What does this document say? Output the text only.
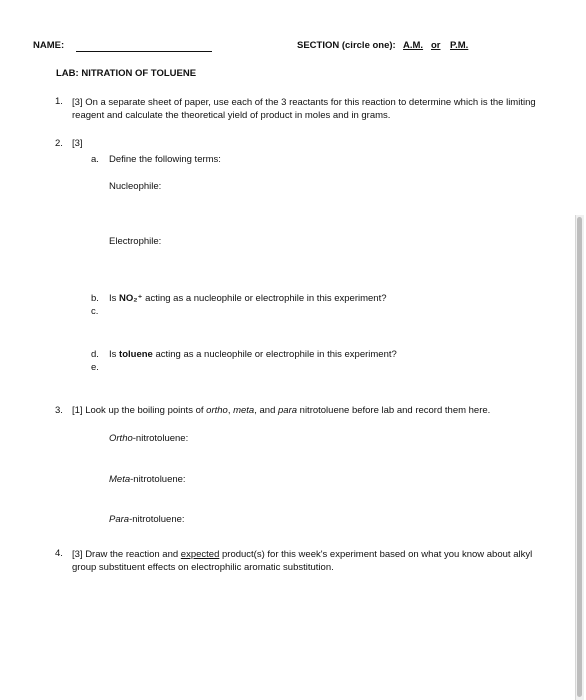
NAME:	SECTION (circle one): A.M. or P.M.
LAB: NITRATION OF TOLUENE
1. [3] On a separate sheet of paper, use each of the 3 reactants for this reaction to determine which is the limiting reagent and calculate the theoretical yield of product in moles and in grams.
2. [3]
a. Define the following terms:
Nucleophile:
Electrophile:
b. Is NO₂⁺ acting as a nucleophile or electrophile in this experiment?
c.
d. Is toluene acting as a nucleophile or electrophile in this experiment?
e.
3. [1] Look up the boiling points of ortho, meta, and para nitrotoluene before lab and record them here.
Ortho-nitrotoluene:
Meta-nitrotoluene:
Para-nitrotoluene:
4. [3] Draw the reaction and expected product(s) for this week's experiment based on what you know about alkyl group substituent effects on electrophilic aromatic substitution.
